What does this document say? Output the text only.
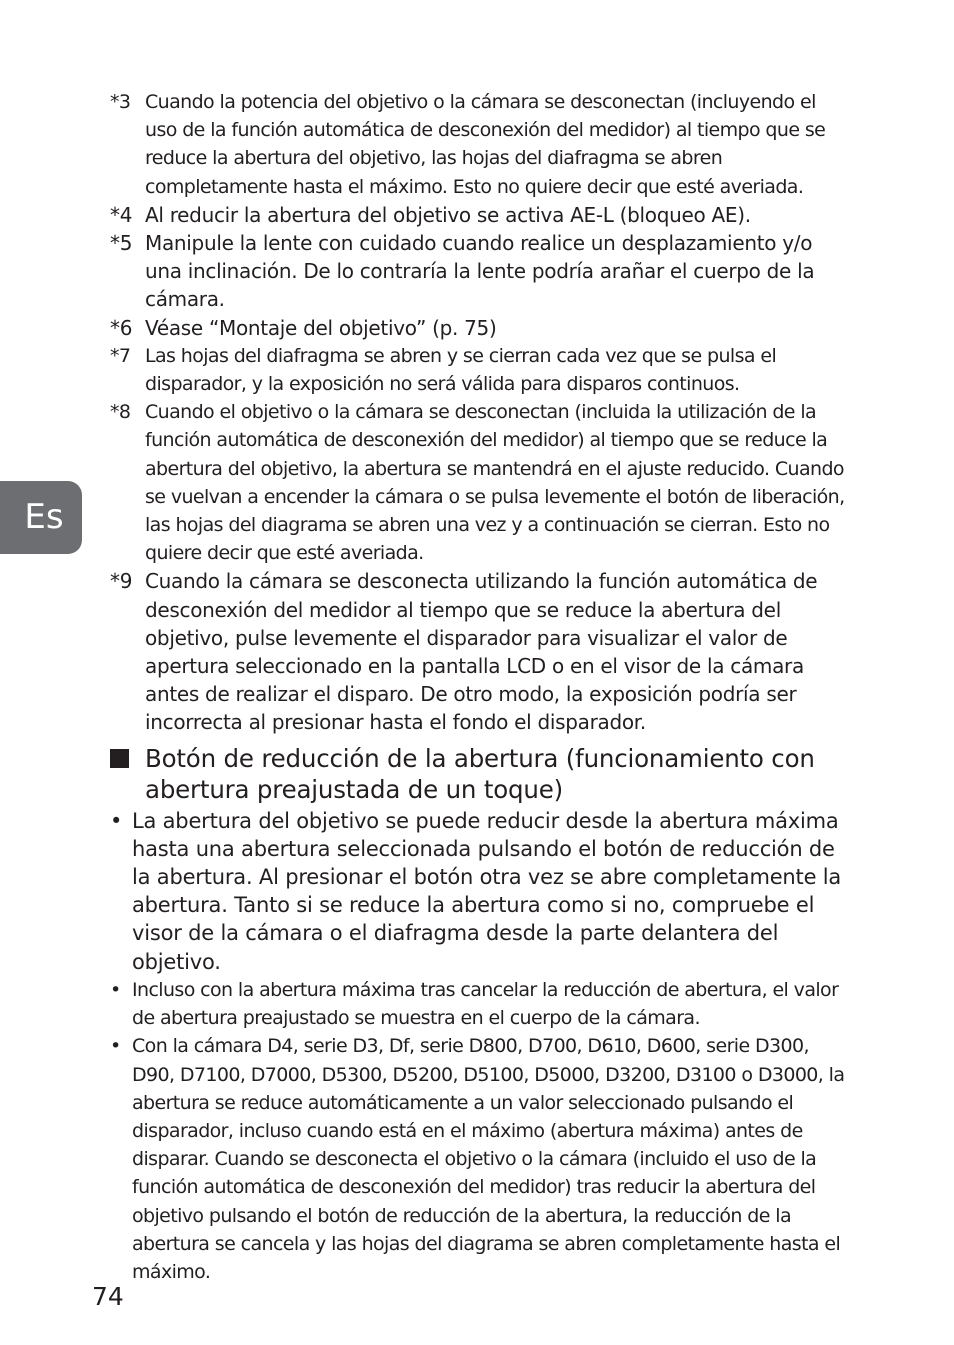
Es
*3 Cuando la potencia del objetivo o la cámara se desconectan (incluyendo el uso de la función automática de desconexión del medidor) al tiempo que se reduce la abertura del objetivo, las hojas del diafragma se abren completamente hasta el máximo. Esto no quiere decir que esté averiada.
*4 Al reducir la abertura del objetivo se activa AE-L (bloqueo AE).
*5 Manipule la lente con cuidado cuando realice un desplazamiento y/o una inclinación. De lo contraría la lente podría arañar el cuerpo de la cámara.
*6 Véase “Montaje del objetivo” (p. 75)
*7 Las hojas del diafragma se abren y se cierran cada vez que se pulsa el disparador, y la exposición no será válida para disparos continuos.
*8 Cuando el objetivo o la cámara se desconectan (incluida la utilización de la función automática de desconexión del medidor) al tiempo que se reduce la abertura del objetivo, la abertura se mantendrá en el ajuste reducido. Cuando se vuelvan a encender la cámara o se pulsa levemente el botón de liberación, las hojas del diagrama se abren una vez y a continuación se cierran. Esto no quiere decir que esté averiada.
*9 Cuando la cámara se desconecta utilizando la función automática de desconexión del medidor al tiempo que se reduce la abertura del objetivo, pulse levemente el disparador para visualizar el valor de apertura seleccionado en la pantalla LCD o en el visor de la cámara antes de realizar el disparo. De otro modo, la exposición podría ser incorrecta al presionar hasta el fondo el disparador.
Botón de reducción de la abertura (funcionamiento con abertura preajustada de un toque)
• La abertura del objetivo se puede reducir desde la abertura máxima hasta una abertura seleccionada pulsando el botón de reducción de la abertura. Al presionar el botón otra vez se abre completamente la abertura. Tanto si se reduce la abertura como si no, compruebe el visor de la cámara o el diafragma desde la parte delantera del objetivo.
• Incluso con la abertura máxima tras cancelar la reducción de abertura, el valor de abertura preajustado se muestra en el cuerpo de la cámara.
• Con la cámara D4, serie D3, Df, serie D800, D700, D610, D600, serie D300, D90, D7100, D7000, D5300, D5200, D5100, D5000, D3200, D3100 o D3000, la abertura se reduce automáticamente a un valor seleccionado pulsando el disparador, incluso cuando está en el máximo (abertura máxima) antes de disparar. Cuando se desconecta el objetivo o la cámara (incluido el uso de la función automática de desconexión del medidor) tras reducir la abertura del objetivo pulsando el botón de reducción de la abertura, la reducción de la abertura se cancela y las hojas del diagrama se abren completamente hasta el máximo.
74
